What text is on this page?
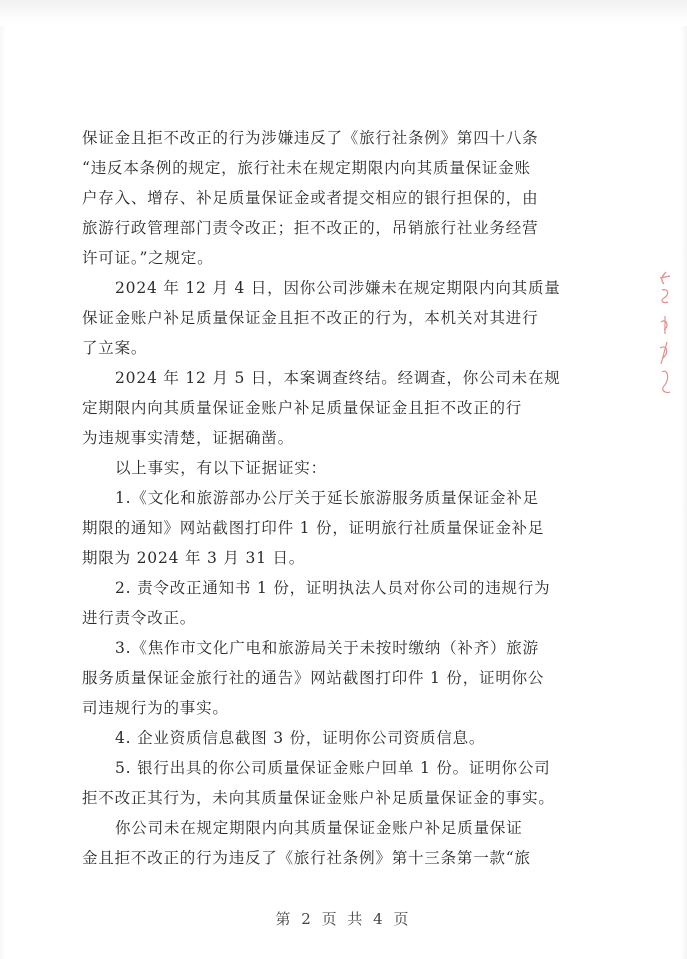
保证金且拒不改正的行为涉嫌违反了《旅行社条例》第四十八条
“违反本条例的规定，旅行社未在规定期限内向其质量保证金账
户存入、增存、补足质量保证金或者提交相应的银行担保的，由
旅游行政管理部门责令改正；拒不改正的，吊销旅行社业务经营
许可证。”之规定。
2024 年 12 月 4 日，因你公司涉嫌未在规定期限内向其质量
保证金账户补足质量保证金且拒不改正的行为，本机关对其进行
了立案。
2024 年 12 月 5 日，本案调查终结。经调查，你公司未在规
定期限内向其质量保证金账户补足质量保证金且拒不改正的行
为违规事实清楚，证据确凿。
以上事实，有以下证据证实：
1.《文化和旅游部办公厅关于延长旅游服务质量保证金补足
期限的通知》网站截图打印件 1 份，证明旅行社质量保证金补足
期限为 2024 年 3 月 31 日。
2. 责令改正通知书 1 份，证明执法人员对你公司的违规行为
进行责令改正。
3.《焦作市文化广电和旅游局关于未按时缴纳（补齐）旅游
服务质量保证金旅行社的通告》网站截图打印件 1 份，证明你公
司违规行为的事实。
4. 企业资质信息截图 3 份，证明你公司资质信息。
5. 银行出具的你公司质量保证金账户回单 1 份。证明你公司
拒不改正其行为，未向其质量保证金账户补足质量保证金的事实。
你公司未在规定期限内向其质量保证金账户补足质量保证
金且拒不改正的行为违反了《旅行社条例》第十三条第一款“旅
第 2 页 共 4 页
